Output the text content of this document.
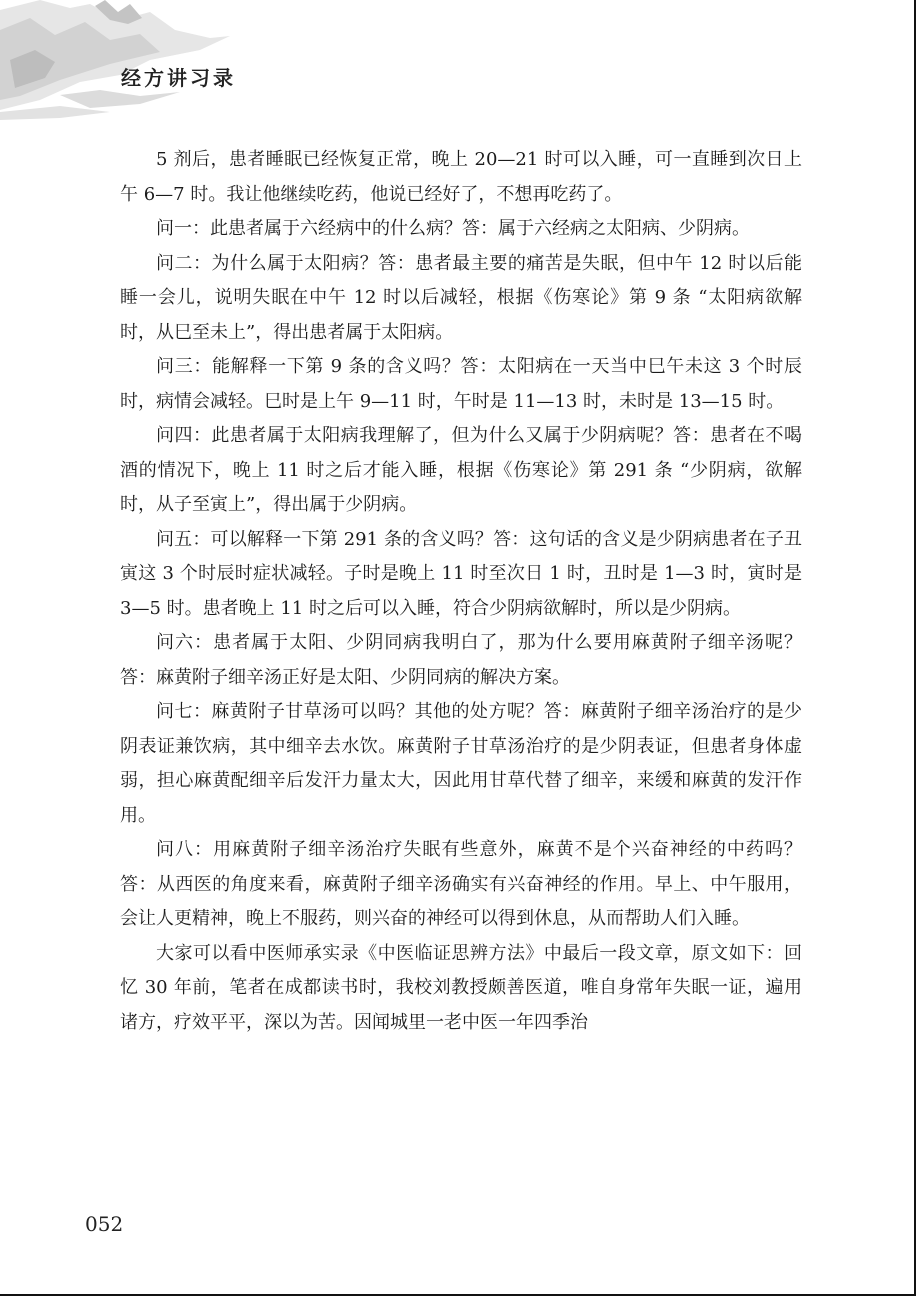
经方讲习录

5 剂后，患者睡眠已经恢复正常，晚上 20—21 时可以入睡，可一直睡到次日上午 6—7 时。我让他继续吃药，他说已经好了，不想再吃药了。

问一：此患者属于六经病中的什么病？答：属于六经病之太阳病、少阴病。

问二：为什么属于太阳病？答：患者最主要的痛苦是失眠，但中午 12 时以后能睡一会儿，说明失眠在中午 12 时以后减轻，根据《伤寒论》第 9 条 “太阳病欲解时，从巳至未上”，得出患者属于太阳病。

问三：能解释一下第 9 条的含义吗？答：太阳病在一天当中巳午未这 3 个时辰时，病情会减轻。巳时是上午 9—11 时，午时是 11—13 时，未时是 13—15 时。

问四：此患者属于太阳病我理解了，但为什么又属于少阴病呢？答：患者在不喝酒的情况下，晚上 11 时之后才能入睡，根据《伤寒论》第 291 条 “少阴病，欲解时，从子至寅上”，得出属于少阴病。

问五：可以解释一下第 291 条的含义吗？答：这句话的含义是少阴病患者在子丑寅这 3 个时辰时症状减轻。子时是晚上 11 时至次日 1 时，丑时是 1—3 时，寅时是 3—5 时。患者晚上 11 时之后可以入睡，符合少阴病欲解时，所以是少阴病。

问六：患者属于太阳、少阴同病我明白了，那为什么要用麻黄附子细辛汤呢？答：麻黄附子细辛汤正好是太阳、少阴同病的解决方案。

问七：麻黄附子甘草汤可以吗？其他的处方呢？答：麻黄附子细辛汤治疗的是少阴表证兼饮病，其中细辛去水饮。麻黄附子甘草汤治疗的是少阴表证，但患者身体虚弱，担心麻黄配细辛后发汗力量太大，因此用甘草代替了细辛，来缓和麻黄的发汗作用。

问八：用麻黄附子细辛汤治疗失眠有些意外，麻黄不是个兴奋神经的中药吗？答：从西医的角度来看，麻黄附子细辛汤确实有兴奋神经的作用。早上、中午服用，会让人更精神，晚上不服药，则兴奋的神经可以得到休息，从而帮助人们入睡。

大家可以看中医师承实录《中医临证思辨方法》中最后一段文章，原文如下：回忆 30 年前，笔者在成都读书时，我校刘教授颇善医道，唯自身常年失眠一证，遍用诸方，疗效平平，深以为苦。因闻城里一老中医一年四季治

052
